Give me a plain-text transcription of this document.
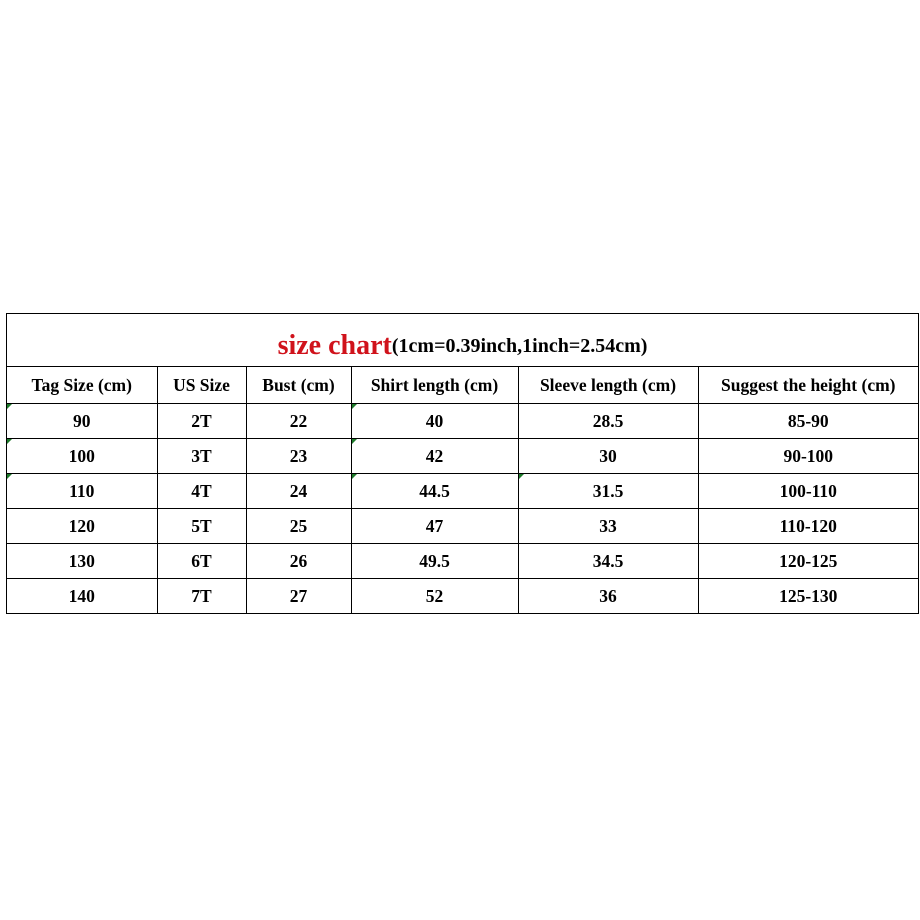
size chart (1cm=0.39inch,1inch=2.54cm)
Tag Size (cm)	US Size	Bust (cm)	Shirt length (cm)	Sleeve length (cm)	Suggest the height (cm)
90	2T	22	40	28.5	85-90
100	3T	23	42	30	90-100
110	4T	24	44.5	31.5	100-110
120	5T	25	47	33	110-120
130	6T	26	49.5	34.5	120-125
140	7T	27	52	36	125-130
